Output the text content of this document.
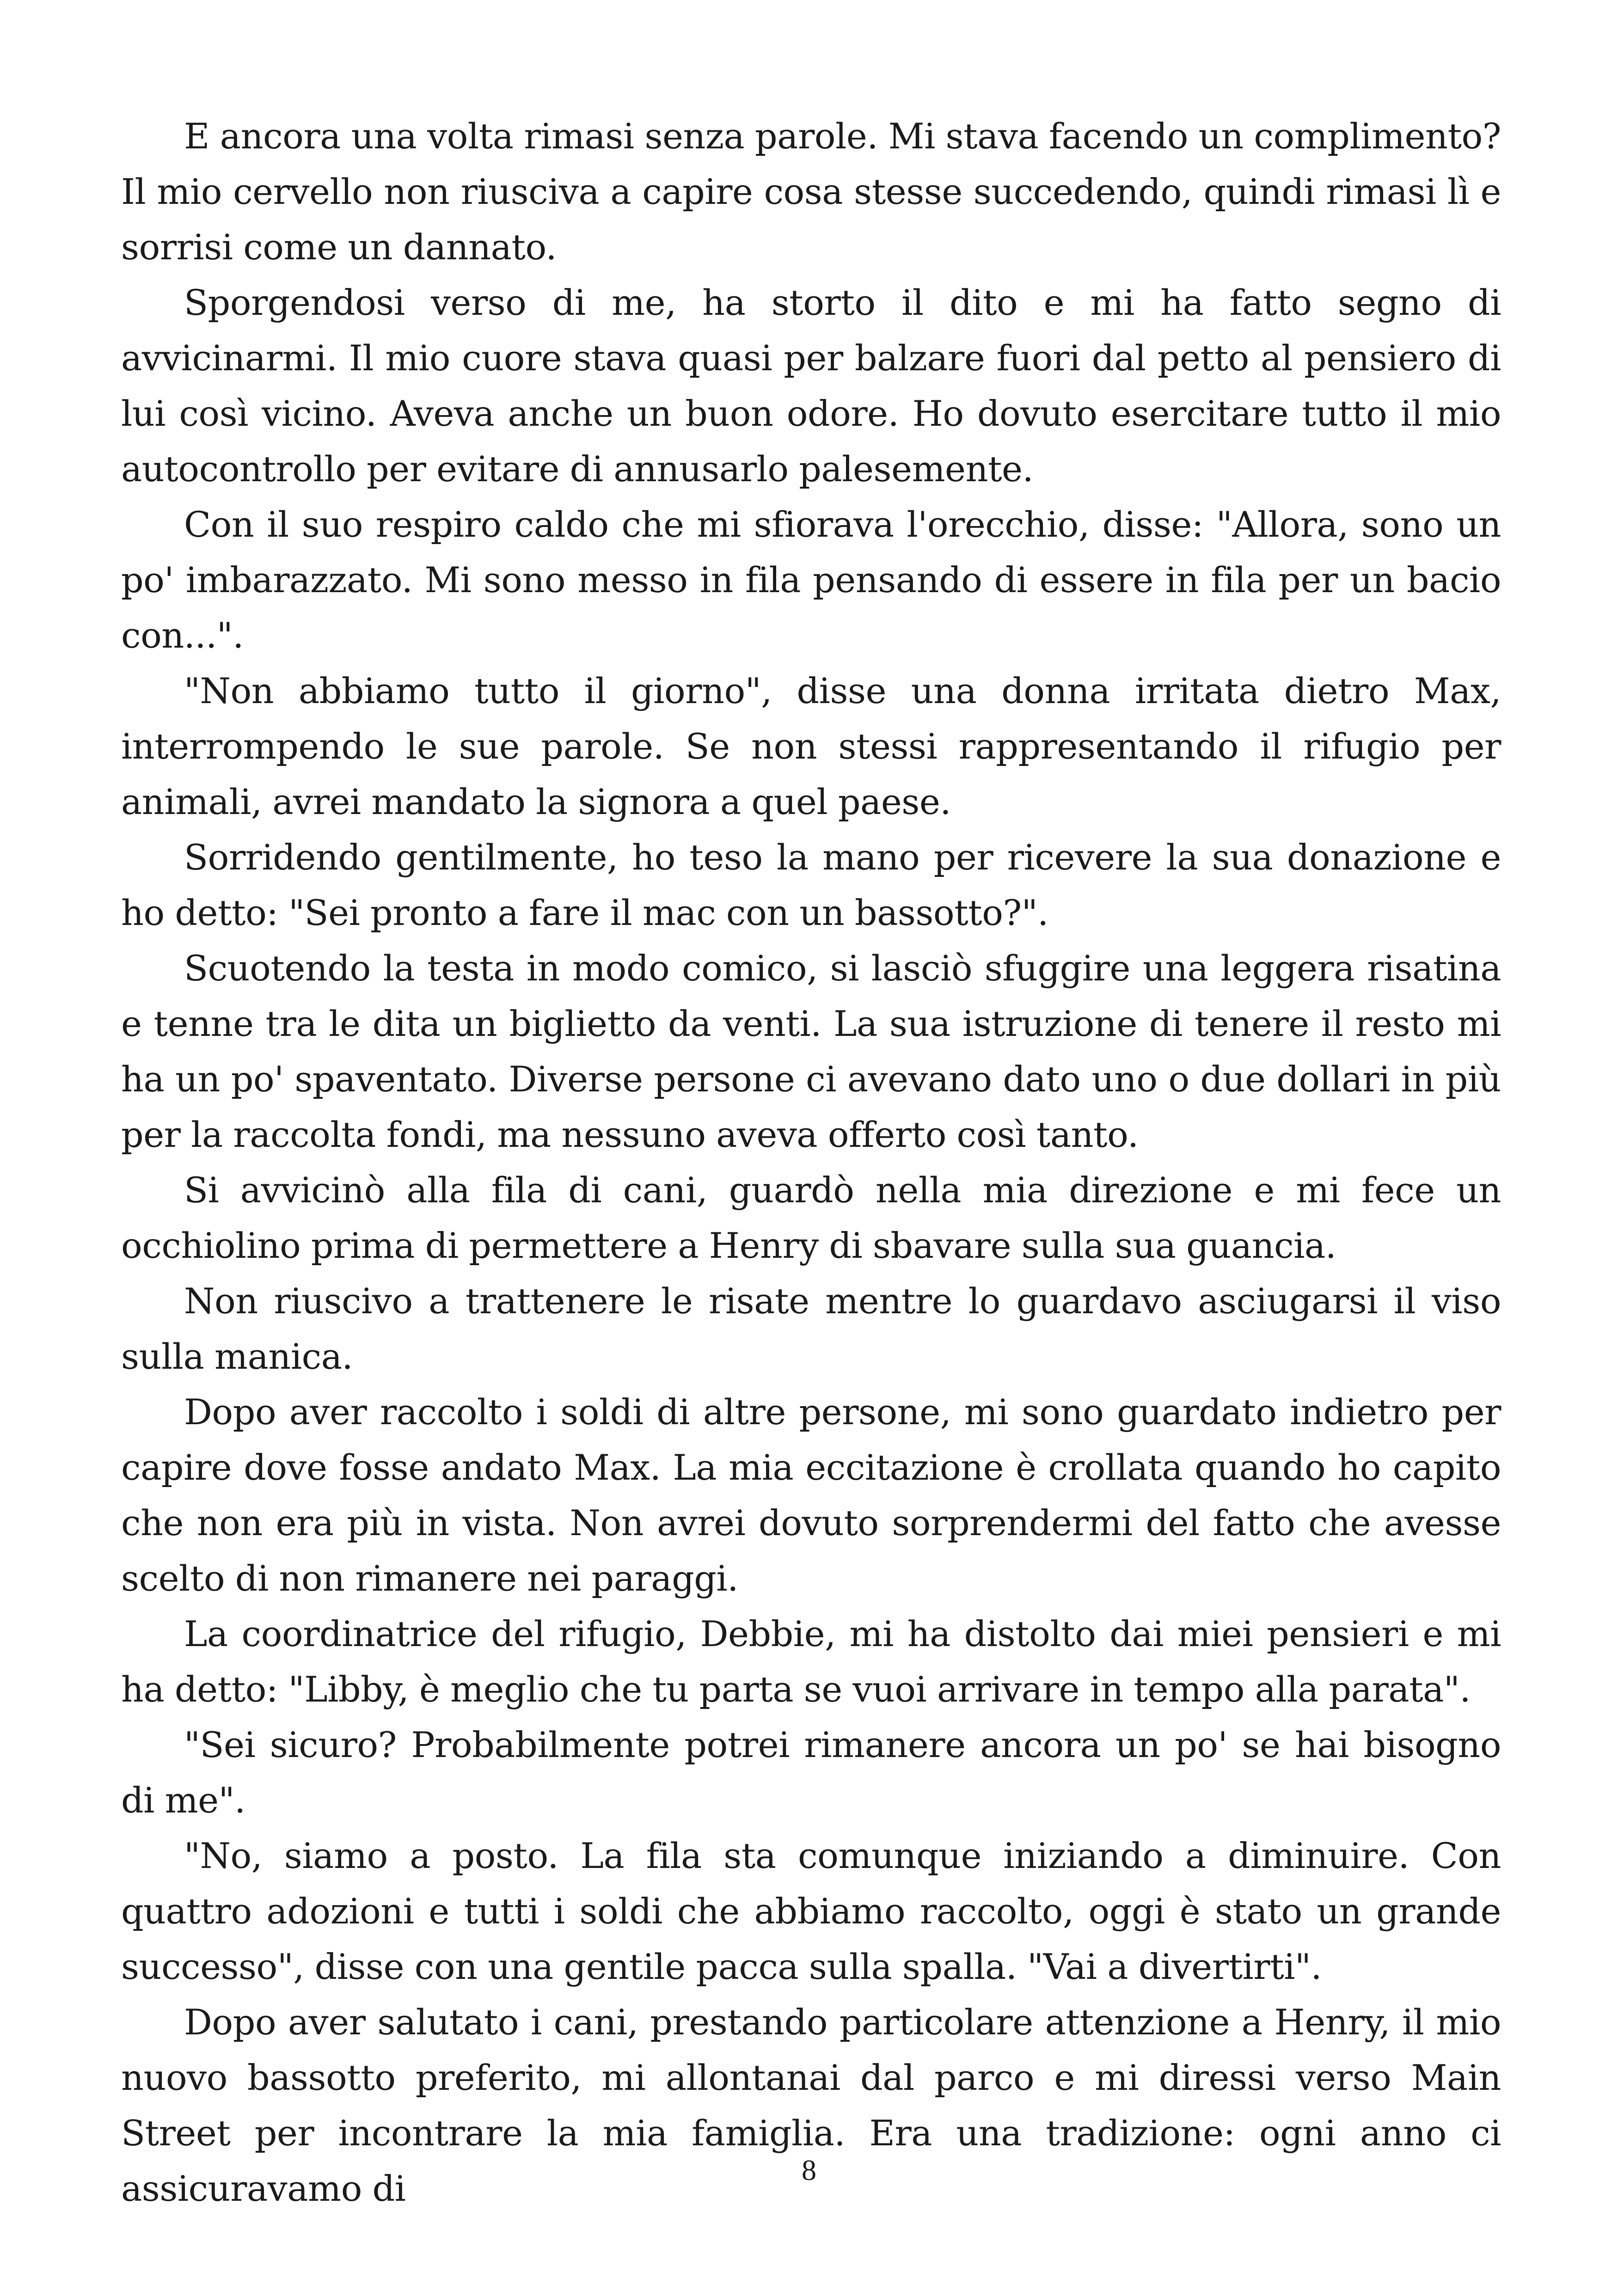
E ancora una volta rimasi senza parole. Mi stava facendo un complimento? Il mio cervello non riusciva a capire cosa stesse succedendo, quindi rimasi lì e sorrisi come un dannato.

Sporgendosi verso di me, ha storto il dito e mi ha fatto segno di avvicinarmi. Il mio cuore stava quasi per balzare fuori dal petto al pensiero di lui così vicino. Aveva anche un buon odore. Ho dovuto esercitare tutto il mio autocontrollo per evitare di annusarlo palesemente.

Con il suo respiro caldo che mi sfiorava l'orecchio, disse: "Allora, sono un po' imbarazzato. Mi sono messo in fila pensando di essere in fila per un bacio con...".

"Non abbiamo tutto il giorno", disse una donna irritata dietro Max, interrompendo le sue parole. Se non stessi rappresentando il rifugio per animali, avrei mandato la signora a quel paese.

Sorridendo gentilmente, ho teso la mano per ricevere la sua donazione e ho detto: "Sei pronto a fare il mac con un bassotto?".

Scuotendo la testa in modo comico, si lasciò sfuggire una leggera risatina e tenne tra le dita un biglietto da venti. La sua istruzione di tenere il resto mi ha un po' spaventato. Diverse persone ci avevano dato uno o due dollari in più per la raccolta fondi, ma nessuno aveva offerto così tanto.

Si avvicinò alla fila di cani, guardò nella mia direzione e mi fece un occhiolino prima di permettere a Henry di sbavare sulla sua guancia.

Non riuscivo a trattenere le risate mentre lo guardavo asciugarsi il viso sulla manica.

Dopo aver raccolto i soldi di altre persone, mi sono guardato indietro per capire dove fosse andato Max. La mia eccitazione è crollata quando ho capito che non era più in vista. Non avrei dovuto sorprendermi del fatto che avesse scelto di non rimanere nei paraggi.

La coordinatrice del rifugio, Debbie, mi ha distolto dai miei pensieri e mi ha detto: "Libby, è meglio che tu parta se vuoi arrivare in tempo alla parata".

"Sei sicuro? Probabilmente potrei rimanere ancora un po' se hai bisogno di me".

"No, siamo a posto. La fila sta comunque iniziando a diminuire. Con quattro adozioni e tutti i soldi che abbiamo raccolto, oggi è stato un grande successo", disse con una gentile pacca sulla spalla. "Vai a divertirti".

Dopo aver salutato i cani, prestando particolare attenzione a Henry, il mio nuovo bassotto preferito, mi allontanai dal parco e mi diressi verso Main Street per incontrare la mia famiglia. Era una tradizione: ogni anno ci assicuravamo di	8
